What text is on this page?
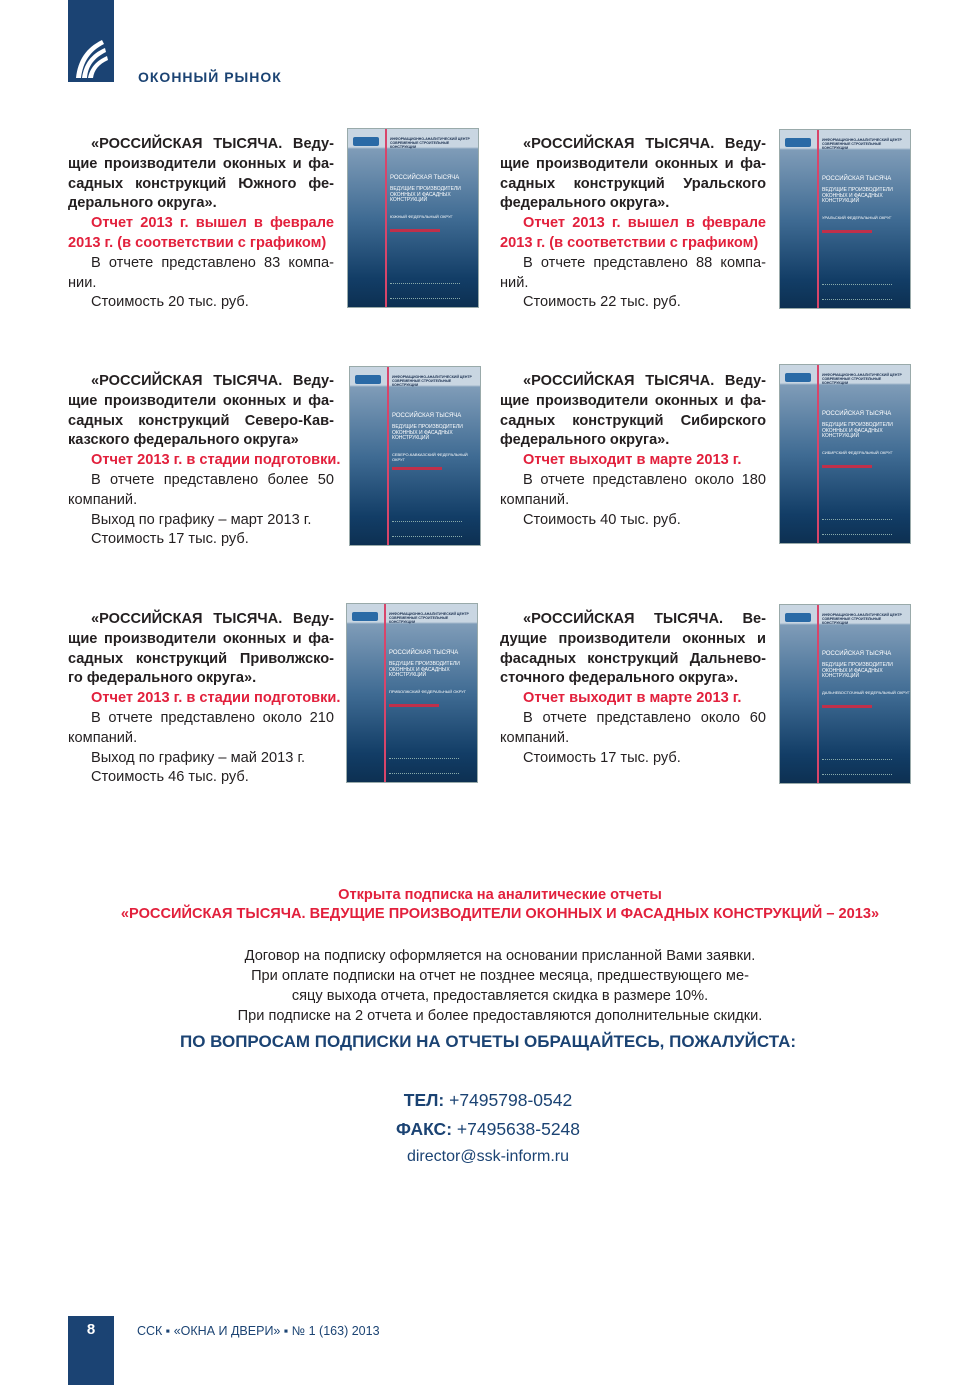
ОКОННЫЙ РЫНОК
«РОССИЙСКАЯ ТЫСЯЧА. Веду-
щие производители оконных и фа-
садных конструкций Южного фе-
дерального округа».
Отчет 2013 г. вышел в феврале
2013 г. (в соответствии с графиком)
В отчете представлено 83 компа-
нии.
Стоимость 20 тыс. руб.
ИНФОРМАЦИОННО-АНАЛИТИЧЕСКИЙ ЦЕНТР СОВРЕМЕННЫЕ СТРОИТЕЛЬНЫЕ КОНСТРУКЦИИ
РОССИЙСКАЯ ТЫСЯЧА
ВЕДУЩИЕ ПРОИЗВОДИТЕЛИ ОКОННЫХ И ФАСАДНЫХ КОНСТРУКЦИЙ
ЮЖНЫЙ ФЕДЕРАЛЬНЫЙ ОКРУГ
«РОССИЙСКАЯ ТЫСЯЧА. Веду-
щие производители оконных и фа-
садных конструкций Уральского
федерального округа».
Отчет 2013 г. вышел в феврале
2013 г. (в соответствии с графиком)
В отчете представлено 88 компа-
ний.
Стоимость 22 тыс. руб.
ИНФОРМАЦИОННО-АНАЛИТИЧЕСКИЙ ЦЕНТР СОВРЕМЕННЫЕ СТРОИТЕЛЬНЫЕ КОНСТРУКЦИИ
РОССИЙСКАЯ ТЫСЯЧА
ВЕДУЩИЕ ПРОИЗВОДИТЕЛИ ОКОННЫХ И ФАСАДНЫХ КОНСТРУКЦИЙ
УРАЛЬСКИЙ ФЕДЕРАЛЬНЫЙ ОКРУГ
«РОССИЙСКАЯ ТЫСЯЧА. Веду-
щие производители оконных и фа-
садных конструкций Северо-Кав-
казского федерального округа»
Отчет 2013 г. в стадии подготовки.
В отчете представлено более 50
компаний.
Выход по графику – март 2013 г.
Стоимость 17 тыс. руб.
ИНФОРМАЦИОННО-АНАЛИТИЧЕСКИЙ ЦЕНТР СОВРЕМЕННЫЕ СТРОИТЕЛЬНЫЕ КОНСТРУКЦИИ
РОССИЙСКАЯ ТЫСЯЧА
ВЕДУЩИЕ ПРОИЗВОДИТЕЛИ ОКОННЫХ И ФАСАДНЫХ КОНСТРУКЦИЙ
СЕВЕРО-КАВКАЗСКИЙ ФЕДЕРАЛЬНЫЙ ОКРУГ
«РОССИЙСКАЯ ТЫСЯЧА. Веду-
щие производители оконных и фа-
садных конструкций Сибирского
федерального округа».
Отчет выходит в марте 2013 г.
В отчете представлено около 180
компаний.
Стоимость 40 тыс. руб.
ИНФОРМАЦИОННО-АНАЛИТИЧЕСКИЙ ЦЕНТР СОВРЕМЕННЫЕ СТРОИТЕЛЬНЫЕ КОНСТРУКЦИИ
РОССИЙСКАЯ ТЫСЯЧА
ВЕДУЩИЕ ПРОИЗВОДИТЕЛИ ОКОННЫХ И ФАСАДНЫХ КОНСТРУКЦИЙ
СИБИРСКИЙ ФЕДЕРАЛЬНЫЙ ОКРУГ
«РОССИЙСКАЯ ТЫСЯЧА. Веду-
щие производители оконных и фа-
садных конструкций Приволжско-
го федерального округа».
Отчет 2013 г. в стадии подготовки.
В отчете представлено около 210
компаний.
Выход по графику – май 2013 г.
Стоимость 46 тыс. руб.
ИНФОРМАЦИОННО-АНАЛИТИЧЕСКИЙ ЦЕНТР СОВРЕМЕННЫЕ СТРОИТЕЛЬНЫЕ КОНСТРУКЦИИ
РОССИЙСКАЯ ТЫСЯЧА
ВЕДУЩИЕ ПРОИЗВОДИТЕЛИ ОКОННЫХ И ФАСАДНЫХ КОНСТРУКЦИЙ
ПРИВОЛЖСКИЙ ФЕДЕРАЛЬНЫЙ ОКРУГ
«РОССИЙСКАЯ ТЫСЯЧА. Ве-
дущие производители оконных и
фасадных конструкций Дальнево-
сточного федерального округа».
Отчет выходит в марте 2013 г.
В отчете представлено около 60
компаний.
Стоимость 17 тыс. руб.
ИНФОРМАЦИОННО-АНАЛИТИЧЕСКИЙ ЦЕНТР СОВРЕМЕННЫЕ СТРОИТЕЛЬНЫЕ КОНСТРУКЦИИ
РОССИЙСКАЯ ТЫСЯЧА
ВЕДУЩИЕ ПРОИЗВОДИТЕЛИ ОКОННЫХ И ФАСАДНЫХ КОНСТРУКЦИЙ
ДАЛЬНЕВОСТОЧНЫЙ ФЕДЕРАЛЬНЫЙ ОКРУГ
Открыта подписка на аналитические отчеты
«РОССИЙСКАЯ ТЫСЯЧА. ВЕДУЩИЕ ПРОИЗВОДИТЕЛИ ОКОННЫХ И ФАСАДНЫХ КОНСТРУКЦИЙ – 2013»
Договор на подписку оформляется на основании присланной Вами заявки.
При оплате подписки на отчет не позднее месяца, предшествующего ме-
сяцу выхода отчета, предоставляется скидка в размере 10%.
При подписке на 2 отчета и более предоставляются дополнительные скидки.
ПО ВОПРОСАМ ПОДПИСКИ НА ОТЧЕТЫ ОБРАЩАЙТЕСЬ, ПОЖАЛУЙСТА:
ТЕЛ: +7495798-0542
ФАКС: +7495638-5248
director@ssk-inform.ru
8	ССК ▪ «ОКНА И ДВЕРИ» ▪ № 1 (163) 2013
